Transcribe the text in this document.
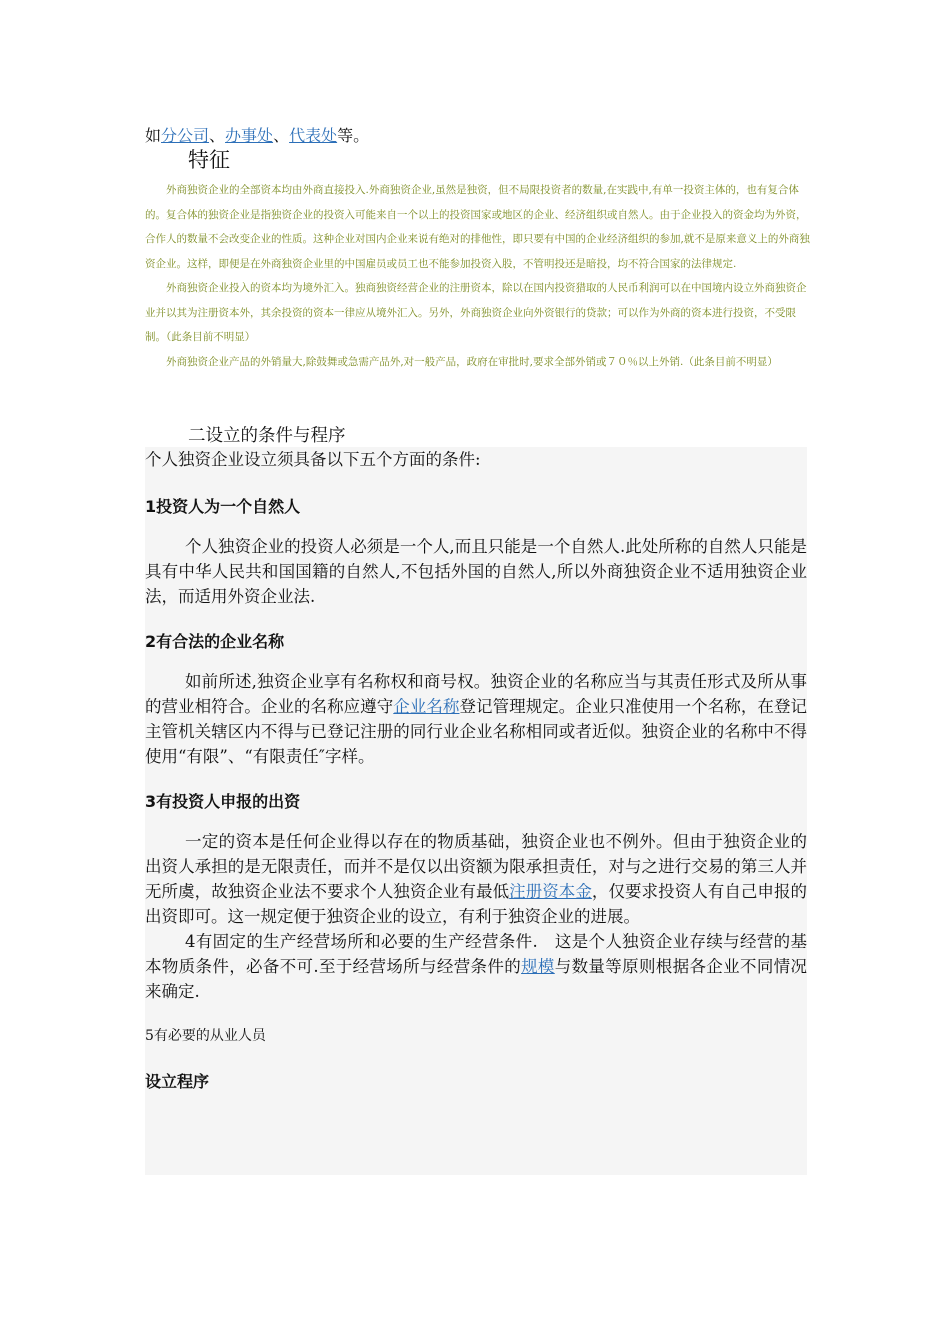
如分公司、办事处、代表处等。
特征

外商独资企业的全部资本均由外商直接投入.外商独资企业,虽然是独资，但不局限投资者的数量,在实践中,有单一投资主体的，也有复合体的。复合体的独资企业是指独资企业的投资入可能来自一个以上的投资国家或地区的企业、经济组织或自然人。由于企业投入的资金均为外资，合作人的数量不会改变企业的性质。这种企业对国内企业来说有绝对的排他性，即只要有中国的企业经济组织的参加,就不是原来意义上的外商独资企业。这样，即便是在外商独资企业里的中国雇员或员工也不能参加投资入股，不管明投还是暗投，均不符合国家的法律规定.

外商独资企业投入的资本均为境外汇入。独商独资经营企业的注册资本，除以在国内投资猎取的人民币利润可以在中国境内设立外商独资企业并以其为注册资本外，其余投资的资本一律应从境外汇入。另外，外商独资企业向外资银行的贷款；可以作为外商的资本进行投资，不受限制。（此条目前不明显）

外商独资企业产品的外销量大,除鼓舞或急需产品外,对一般产品，政府在审批时,要求全部外销或７０％以上外销.（此条目前不明显）

二设立的条件与程序

个人独资企业设立须具备以下五个方面的条件:

1投资人为一个自然人

个人独资企业的投资人必须是一个人,而且只能是一个自然人.此处所称的自然人只能是具有中华人民共和国国籍的自然人,不包括外国的自然人,所以外商独资企业不适用独资企业法，而适用外资企业法.

2有合法的企业名称

如前所述,独资企业享有名称权和商号权。独资企业的名称应当与其责任形式及所从事的营业相符合。企业的名称应遵守企业名称登记管理规定。企业只准使用一个名称，在登记主管机关辖区内不得与已登记注册的同行业企业名称相同或者近似。独资企业的名称中不得使用“有限”、“有限责任″字样。

3有投资人申报的出资

一定的资本是任何企业得以存在的物质基础，独资企业也不例外。但由于独资企业的出资人承担的是无限责任，而并不是仅以出资额为限承担责任，对与之进行交易的第三人并无所虞，故独资企业法不要求个人独资企业有最低注册资本金，仅要求投资人有自己申报的出资即可。这一规定便于独资企业的设立，有利于独资企业的进展。

4有固定的生产经营场所和必要的生产经营条件.　这是个人独资企业存续与经营的基本物质条件，必备不可.至于经营场所与经营条件的规模与数量等原则根据各企业不同情况来确定.

5有必要的从业人员

设立程序
